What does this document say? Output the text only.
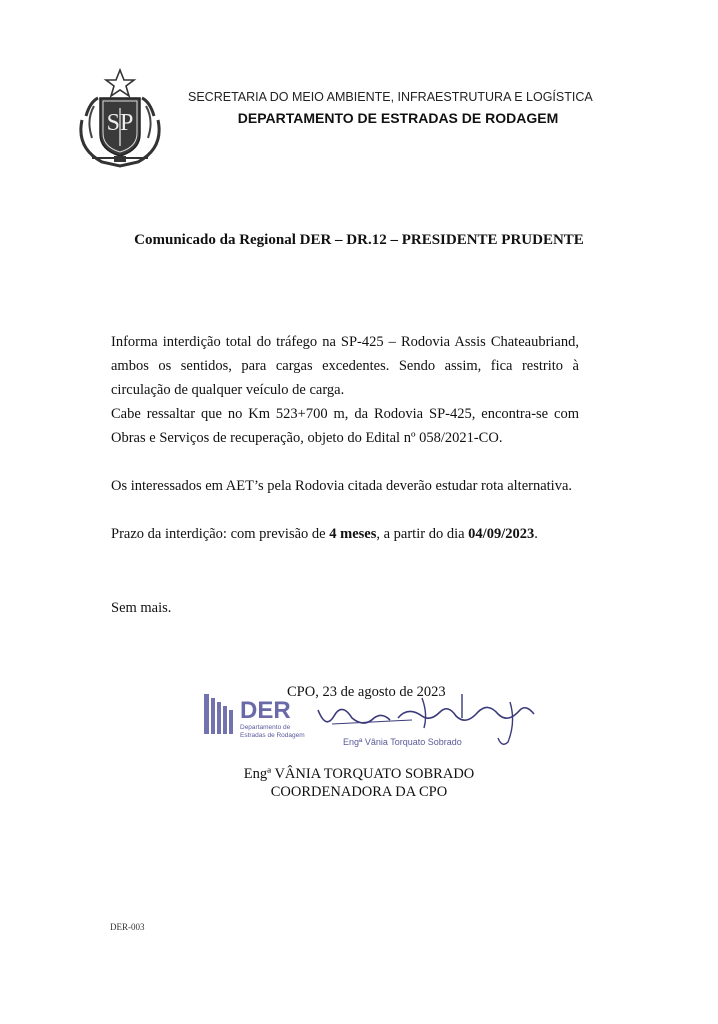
SP
SECRETARIA DO MEIO AMBIENTE, INFRAESTRUTURA E LOGÍSTICA
DEPARTAMENTO DE ESTRADAS DE RODAGEM
Comunicado da Regional DER – DR.12 – PRESIDENTE PRUDENTE

Informa interdição total do tráfego na SP-425 – Rodovia Assis Chateaubriand, ambos os sentidos, para cargas excedentes. Sendo assim, fica restrito à circulação de qualquer veículo de carga.

Cabe ressaltar que no Km 523+700 m, da Rodovia SP-425, encontra-se com Obras e Serviços de recuperação, objeto do Edital nº 058/2021-CO.

Os interessados em AET’s pela Rodovia citada deverão estudar rota alternativa.

Prazo da interdição: com previsão de 4 meses, a partir do dia 04/09/2023.

Sem mais.
DER
Departamento de
Estradas de Rodagem
CPO, 23 de agosto de 2023
Engª Vânia Torquato Sobrado
Engª VÂNIA TORQUATO SOBRADO
COORDENADORA DA CPO
DER-003
